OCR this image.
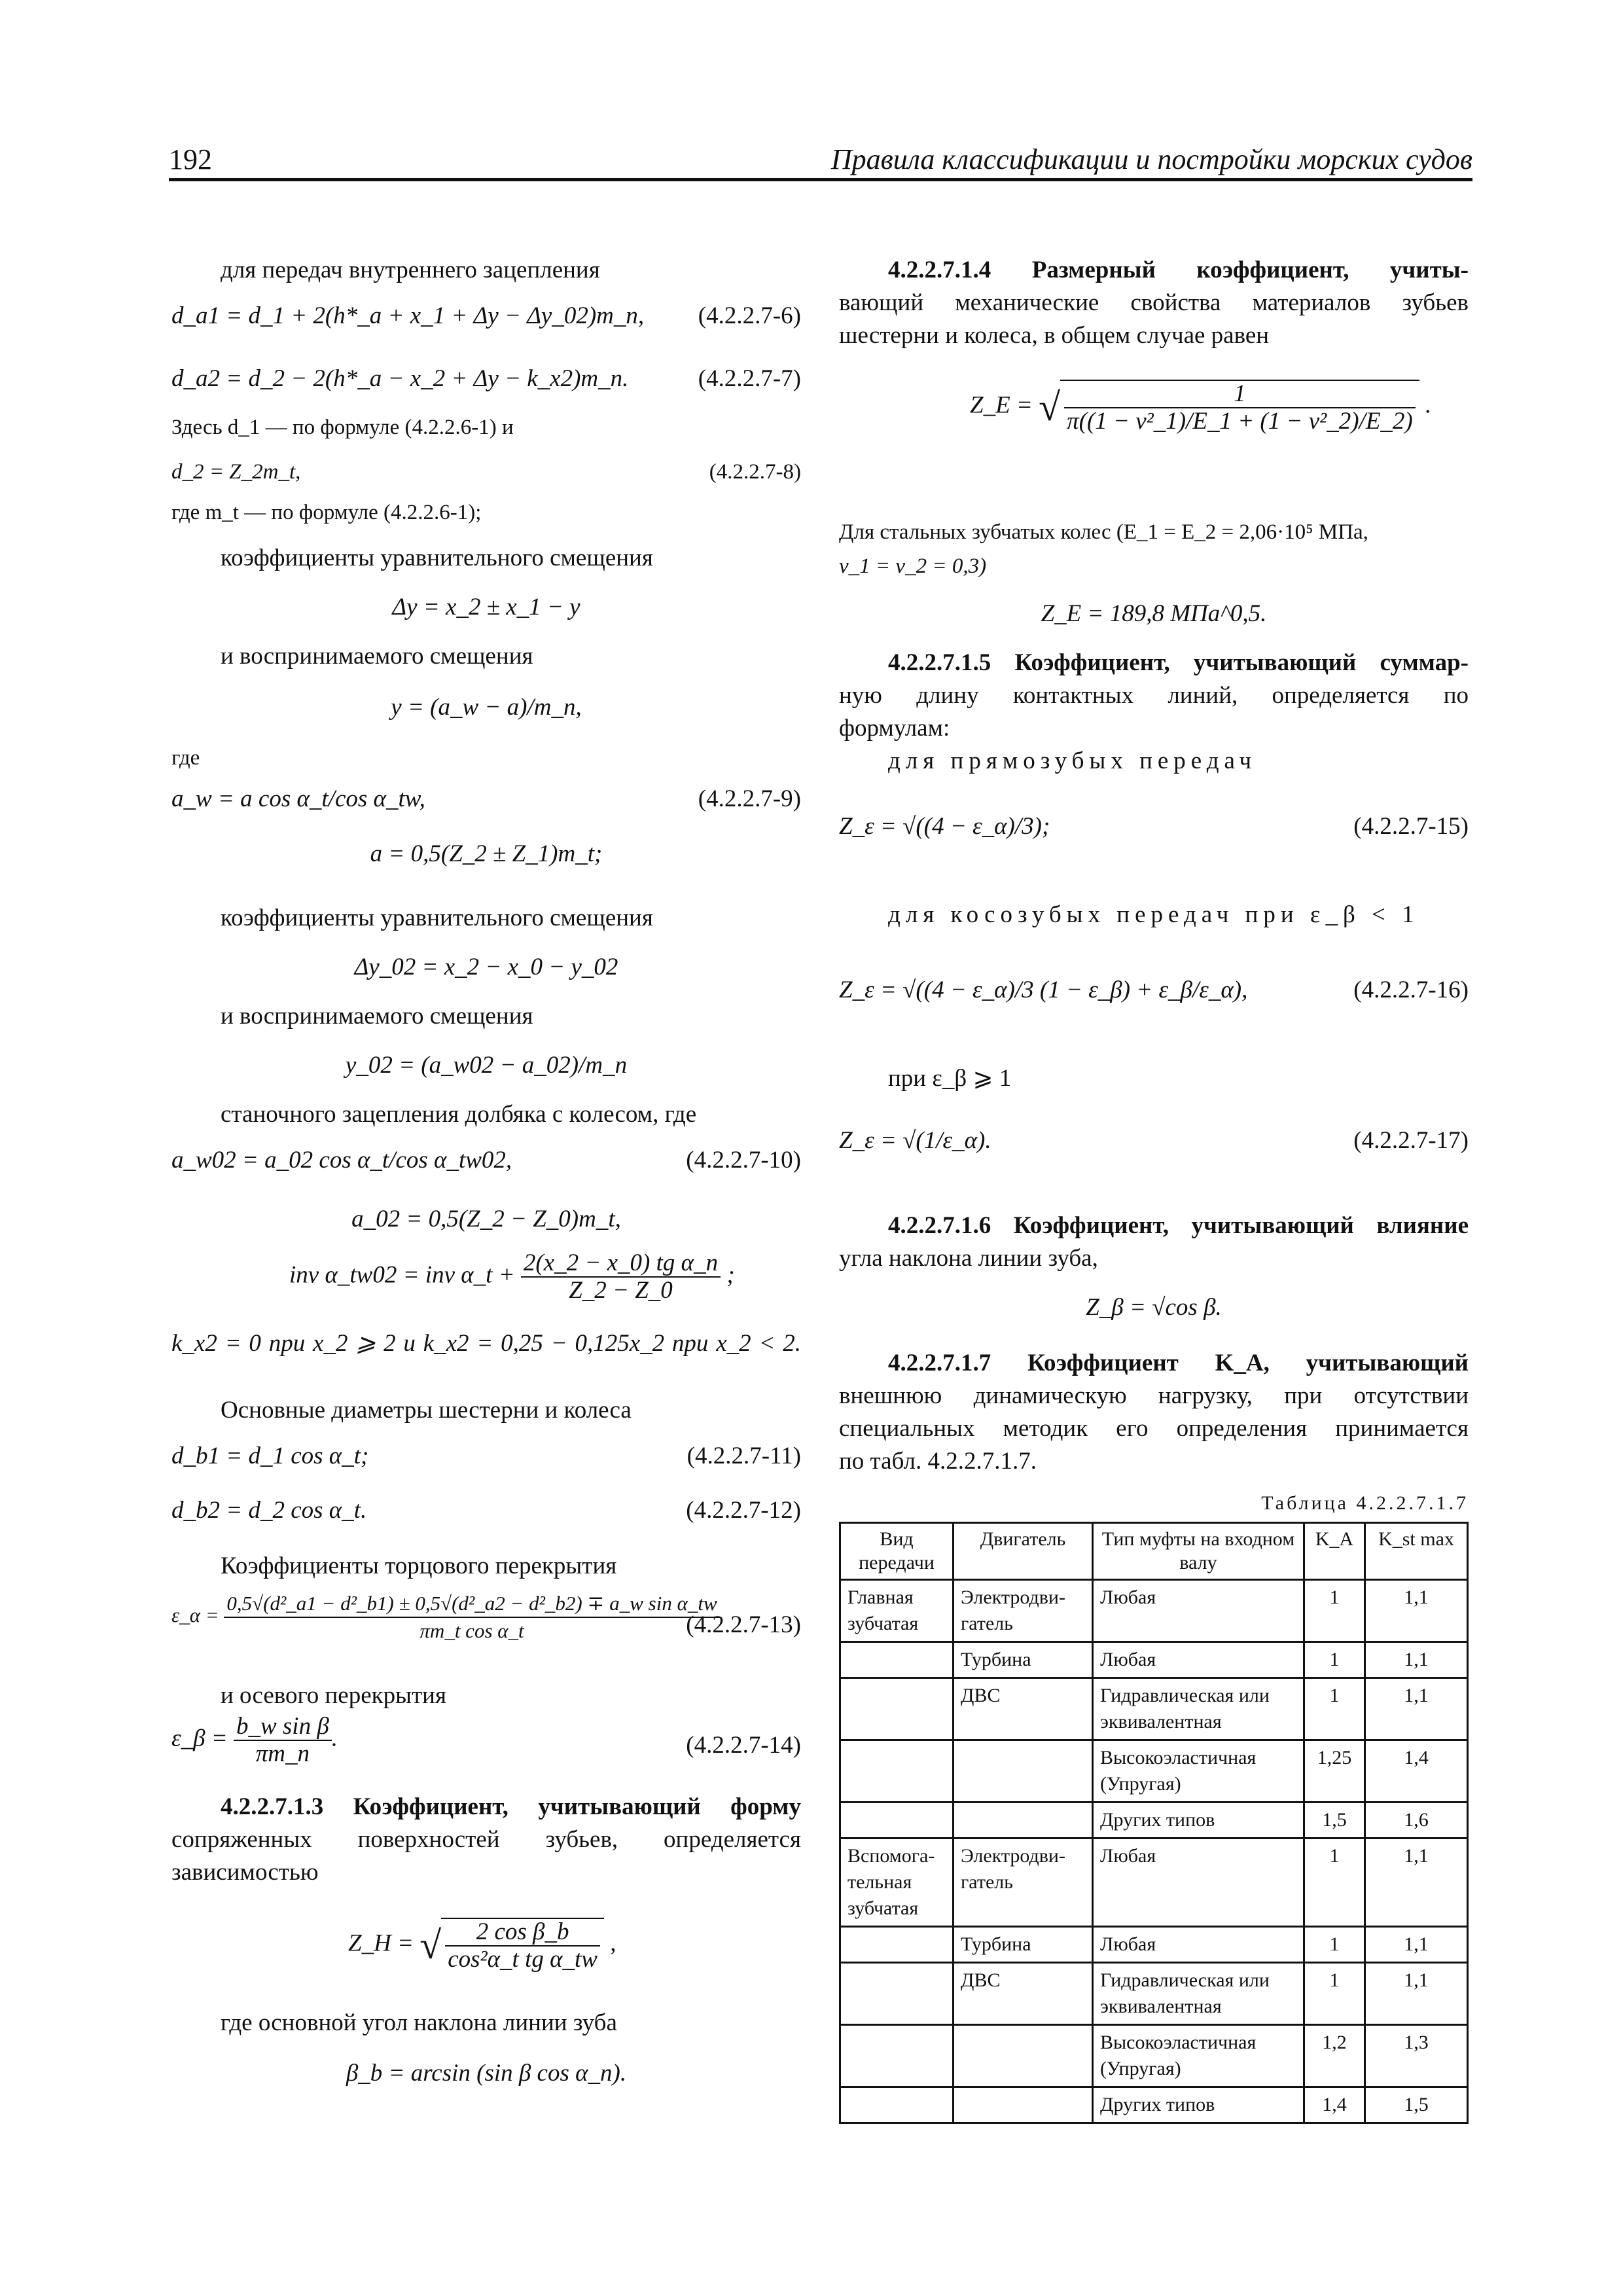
192	Правила классификации и постройки морских судов
для передач внутреннего зацепления
d_a1 = d_1 + 2(h*_a + x_1 + Δy − Δy_02)m_n, (4.2.2.7-6)
d_a2 = d_2 − 2(h*_a − x_2 + Δy − k_x2)m_n.	(4.2.2.7-7)
Здесь d_1 — по формуле (4.2.2.6-1) и
d_2 = Z_2m_t,	(4.2.2.7-8)
где m_t — по формуле (4.2.2.6-1);
коэффициенты уравнительного смещения
Δy = x_2 ± x_1 − y
и воспринимаемого смещения
y = (a_w − a)/m_n,
где
a_w = a cos α_t/cos α_tw,	(4.2.2.7-9)
a = 0,5(Z_2 ± Z_1)m_t;
коэффициенты уравнительного смещения
Δy_02 = x_2 − x_0 − y_02
и воспринимаемого смещения
y_02 = (a_w02 − a_02)/m_n
станочного зацепления долбяка с колесом, где
a_w02 = a_02 cos α_t/cos α_tw02,	(4.2.2.7-10)
a_02 = 0,5(Z_2 − Z_0)m_t,
inv α_tw02 = inv α_t + $\frac{\text{2(x\_2 − x\_0) tg α\_n}}{Z\_2 - Z\_0}$ ;
k_x2 = 0 при x_2 ⩾ 2 и k_x2 = 0,25 − 0,125x_2 при x_2 < 2.
Основные диаметры шестерни и колеса
d_b1 = d_1 cos α_t;	(4.2.2.7-11)
d_b2 = d_2 cos α_t.	(4.2.2.7-12)
Коэффициенты торцового перекрытия
ε_α = $\frac{\text{0,5√(d²\_a1 − d²\_b1) ± 0,5√(d²\_a2 − d²\_b2) ∓ a\_w sin α\_tw}}{\text{πm\_t cos α\_t}}$
(4.2.2.7-13)
и осевого перекрытия
ε_β = $\frac{\text{b\_w sin β}}{\pi m\_n}$ .	(4.2.2.7-14)
4.2.2.7.1.3 Коэффициент, учитывающий форму
сопряженных поверхностей зубьев, определяется
зависимостью
Z_H = √ $\frac{\text{2 cos β\_b}}{\text{cos²α\_t tg α\_tw}}$ ,
где основной угол наклона линии зуба
β_b = arcsin (sin β cos α_n).
4.2.2.7.1.4 Размерный коэффициент, учиты-
вающий механические свойства материалов зубьев
шестерни и колеса, в общем случае равен
Z_E = √ $\frac{1}{\text{π((1 − ν²\_1)/E\_1 + (1 − ν²\_2)/E\_2)}}$ .
Для стальных зубчатых колес (E_1 = E_2 = 2,06·10⁵ МПа,
ν_1 = ν_2 = 0,3)
Z_E = 189,8 МПа^0,5.
4.2.2.7.1.5 Коэффициент, учитывающий суммар-
ную длину контактных линий, определяется по
формулам:
для прямозубых передач
Z_ε = √((4 − ε_α)/3);	(4.2.2.7-15)
для косозубых передач при ε_β < 1
Z_ε = √((4 − ε_α)/3 (1 − ε_β) + ε_β/ε_α),	(4.2.2.7-16)
при ε_β ⩾ 1
Z_ε = √(1/ε_α).	(4.2.2.7-17)
4.2.2.7.1.6 Коэффициент, учитывающий влияние
угла наклона линии зуба,
Z_β = √cos β.
4.2.2.7.1.7 Коэффициент K_A, учитывающий
внешнюю динамическую нагрузку, при отсутствии
специальных методик его определения принимается
по табл. 4.2.2.7.1.7.
Таблица 4.2.2.7.1.7
Вид передачи	Двигатель	Тип муфты на входном валу	K_A	K_st max
Главная зубчатая	Электродви-гатель	Любая	1	1,1
	Турбина	Любая	1	1,1
	ДВС	Гидравлическая или эквивалентная	1	1,1
		Высокоэластичная (Упругая)	1,25	1,4
		Других типов	1,5	1,6
Вспомога-тельная зубчатая	Электродви-гатель	Любая	1	1,1
	Турбина	Любая	1	1,1
	ДВС	Гидравлическая или эквивалентная	1	1,1
		Высокоэластичная (Упругая)	1,2	1,3
		Других типов	1,4	1,5
